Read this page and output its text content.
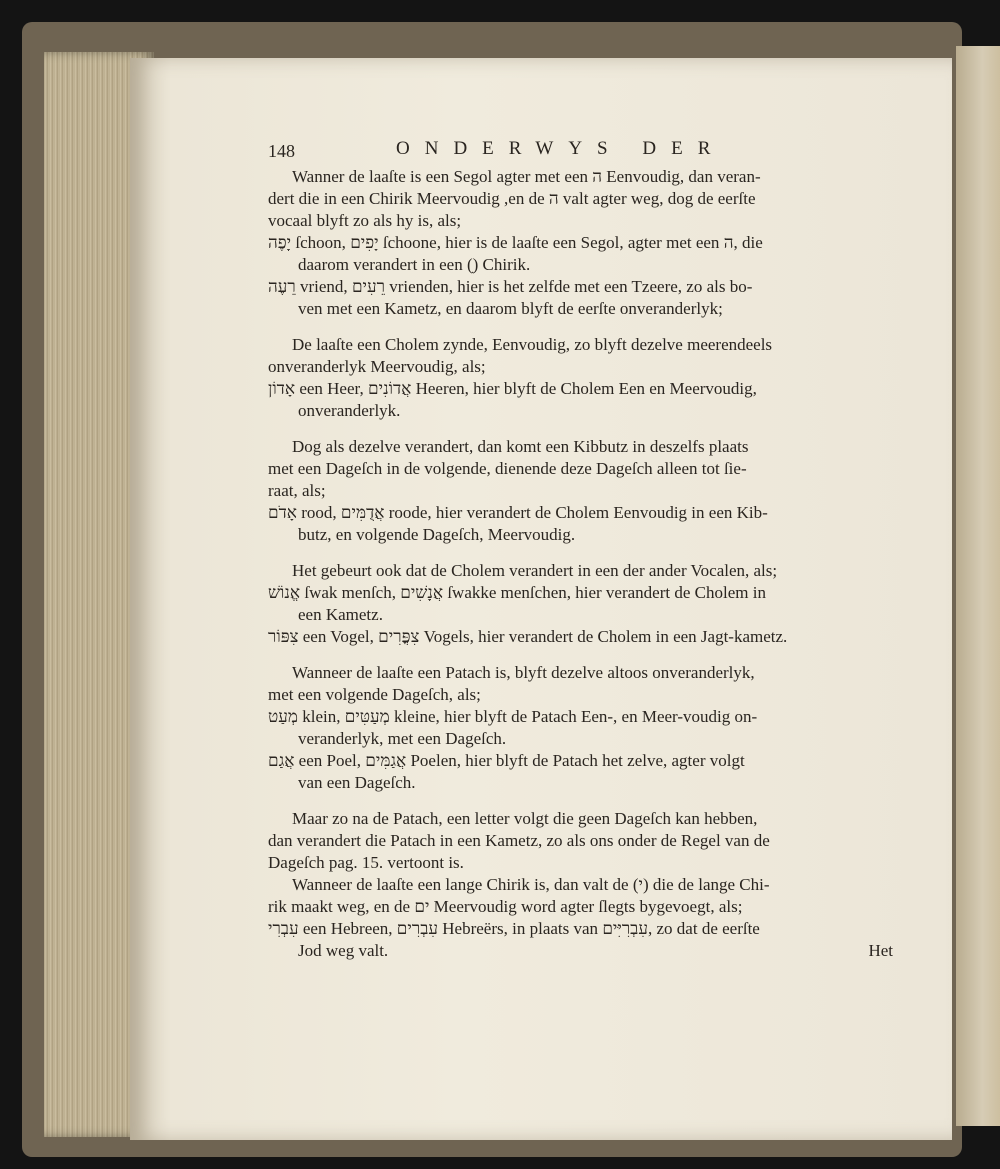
148	ONDERWYS DER

Wanner de laaſte is een Segol agter met een ה Eenvoudig, dan veran-

dert die in een Chirik Meervoudig ,en de ה valt agter weg, dog de eerſte

vocaal blyft zo als hy is, als;

יָפֶה ſchoon, יָפִים ſchoone, hier is de laaſte een Segol, agter met een ה, die

daarom verandert in een (ִ) Chirik.

רֵעֶה vriend, רֵעִים vrienden, hier is het zelfde met een Tzeere, zo als bo-

ven met een Kametz, en daarom blyft de eerſte onveranderlyk;

De laaſte een Cholem zynde, Eenvoudig, zo blyft dezelve meerendeels

onveranderlyk Meervoudig, als;

אָדוֹן een Heer, אֲדוֹנִים Heeren, hier blyft de Cholem Een en Meervoudig,

onveranderlyk.

Dog als dezelve verandert, dan komt een Kibbutz in deszelfs plaats

met een Dageſch in de volgende, dienende deze Dageſch alleen tot ſie-

raat, als;

אָדֹם rood, אֲדֻמִּים roode, hier verandert de Cholem Eenvoudig in een Kib-

butz, en volgende Dageſch, Meervoudig.

Het gebeurt ook dat de Cholem verandert in een der ander Vocalen, als;

אֱנוֹשׁ ſwak menſch, אֲנָשִׁים ſwakke menſchen, hier verandert de Cholem in

een Kametz.

צִפּוֹר een Vogel, צִפֳּרִים Vogels, hier verandert de Cholem in een Jagt-kametz.

Wanneer de laaſte een Patach is, blyft dezelve altoos onveranderlyk,

met een volgende Dageſch, als;

מְעַט klein, מְעַטִּים kleine, hier blyft de Patach Een-, en Meer-voudig on-

veranderlyk, met een Dageſch.

אֲגַם een Poel, אֲגַמִּים Poelen, hier blyft de Patach het zelve, agter volgt

van een Dageſch.

Maar zo na de Patach, een letter volgt die geen Dageſch kan hebben,

dan verandert die Patach in een Kametz, zo als ons onder de Regel van de

Dageſch pag. 15. vertoont is.

Wanneer de laaſte een lange Chirik is, dan valt de (י) die de lange Chi-

rik maakt weg, en de ים Meervoudig word agter ſlegts bygevoegt, als;

עִבְרִי een Hebreen, עִבְרִים Hebreërs, in plaats van עִבְרִיִּים, zo dat de eerſte

Jod weg valt.	Het
